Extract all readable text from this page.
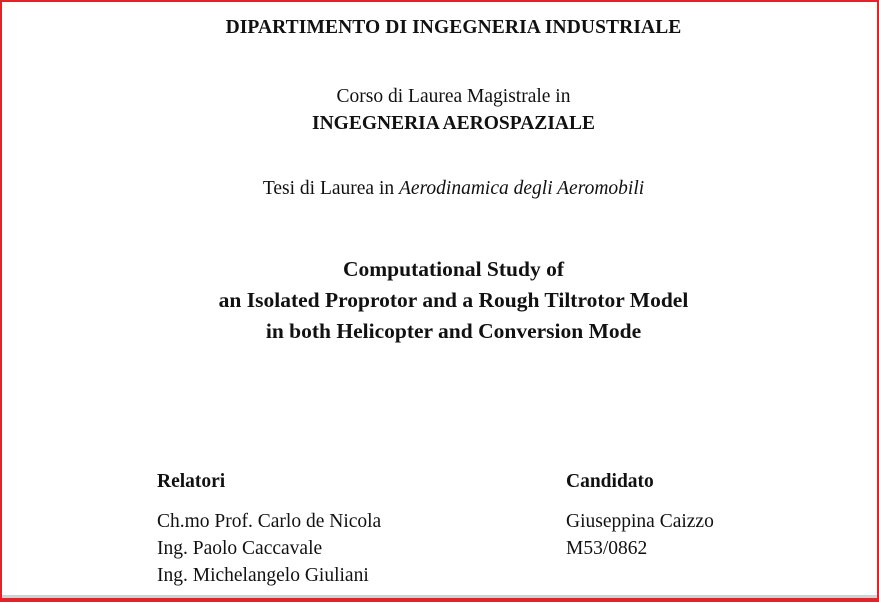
DIPARTIMENTO DI INGEGNERIA INDUSTRIALE
Corso di Laurea Magistrale in
INGEGNERIA AEROSPAZIALE
Tesi di Laurea in Aerodinamica degli Aeromobili
Computational Study of
an Isolated Proprotor and a Rough Tiltrotor Model
in both Helicopter and Conversion Mode
Relatori
Ch.mo Prof. Carlo de Nicola
Ing. Paolo Caccavale
Ing. Michelangelo Giuliani
Candidato
Giuseppina Caizzo
M53/0862
